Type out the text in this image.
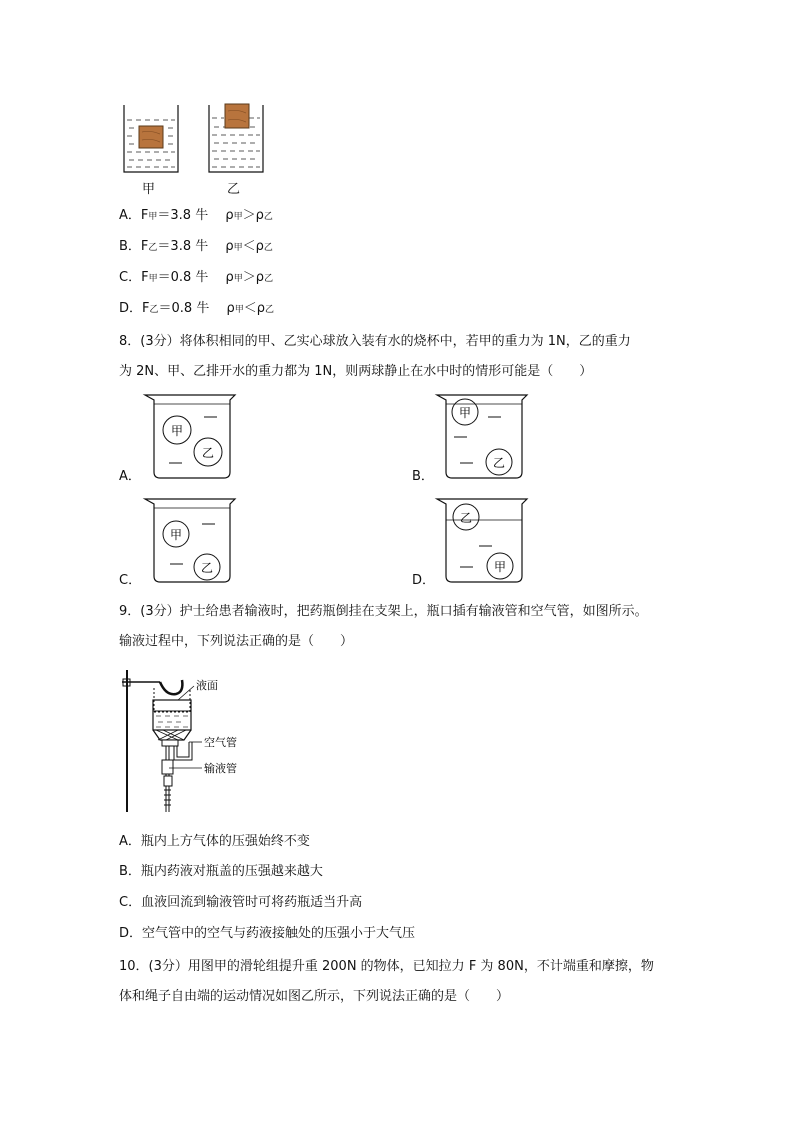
甲	乙
A．F甲＝3.8 牛　 ρ甲＞ρ乙
B．F乙＝3.8 牛　 ρ甲＜ρ乙
C．F甲＝0.8 牛　 ρ甲＞ρ乙
D．F乙＝0.8 牛　 ρ甲＜ρ乙
8．(3分）将体积相同的甲、乙实心球放入装有水的烧杯中，若甲的重力为 1N，乙的重力
为 2N、甲、乙排开水的重力都为 1N，则两球静止在水中时的情形可能是（　　）
甲
乙
A．
甲
乙
B．
甲
乙
C．
乙
甲
D．
9．(3分）护士给患者输液时，把药瓶倒挂在支架上，瓶口插有输液管和空气管，如图所示。
输液过程中，下列说法正确的是（　　）
液面
空气管
输液管
A．瓶内上方气体的压强始终不变
B．瓶内药液对瓶盖的压强越来越大
C．血液回流到输液管时可将药瓶适当升高
D．空气管中的空气与药液接触处的压强小于大气压
10．(3分）用图甲的滑轮组提升重 200N 的物体，已知拉力 F 为 80N，不计端重和摩擦，物
体和绳子自由端的运动情况如图乙所示，下列说法正确的是（　　）
